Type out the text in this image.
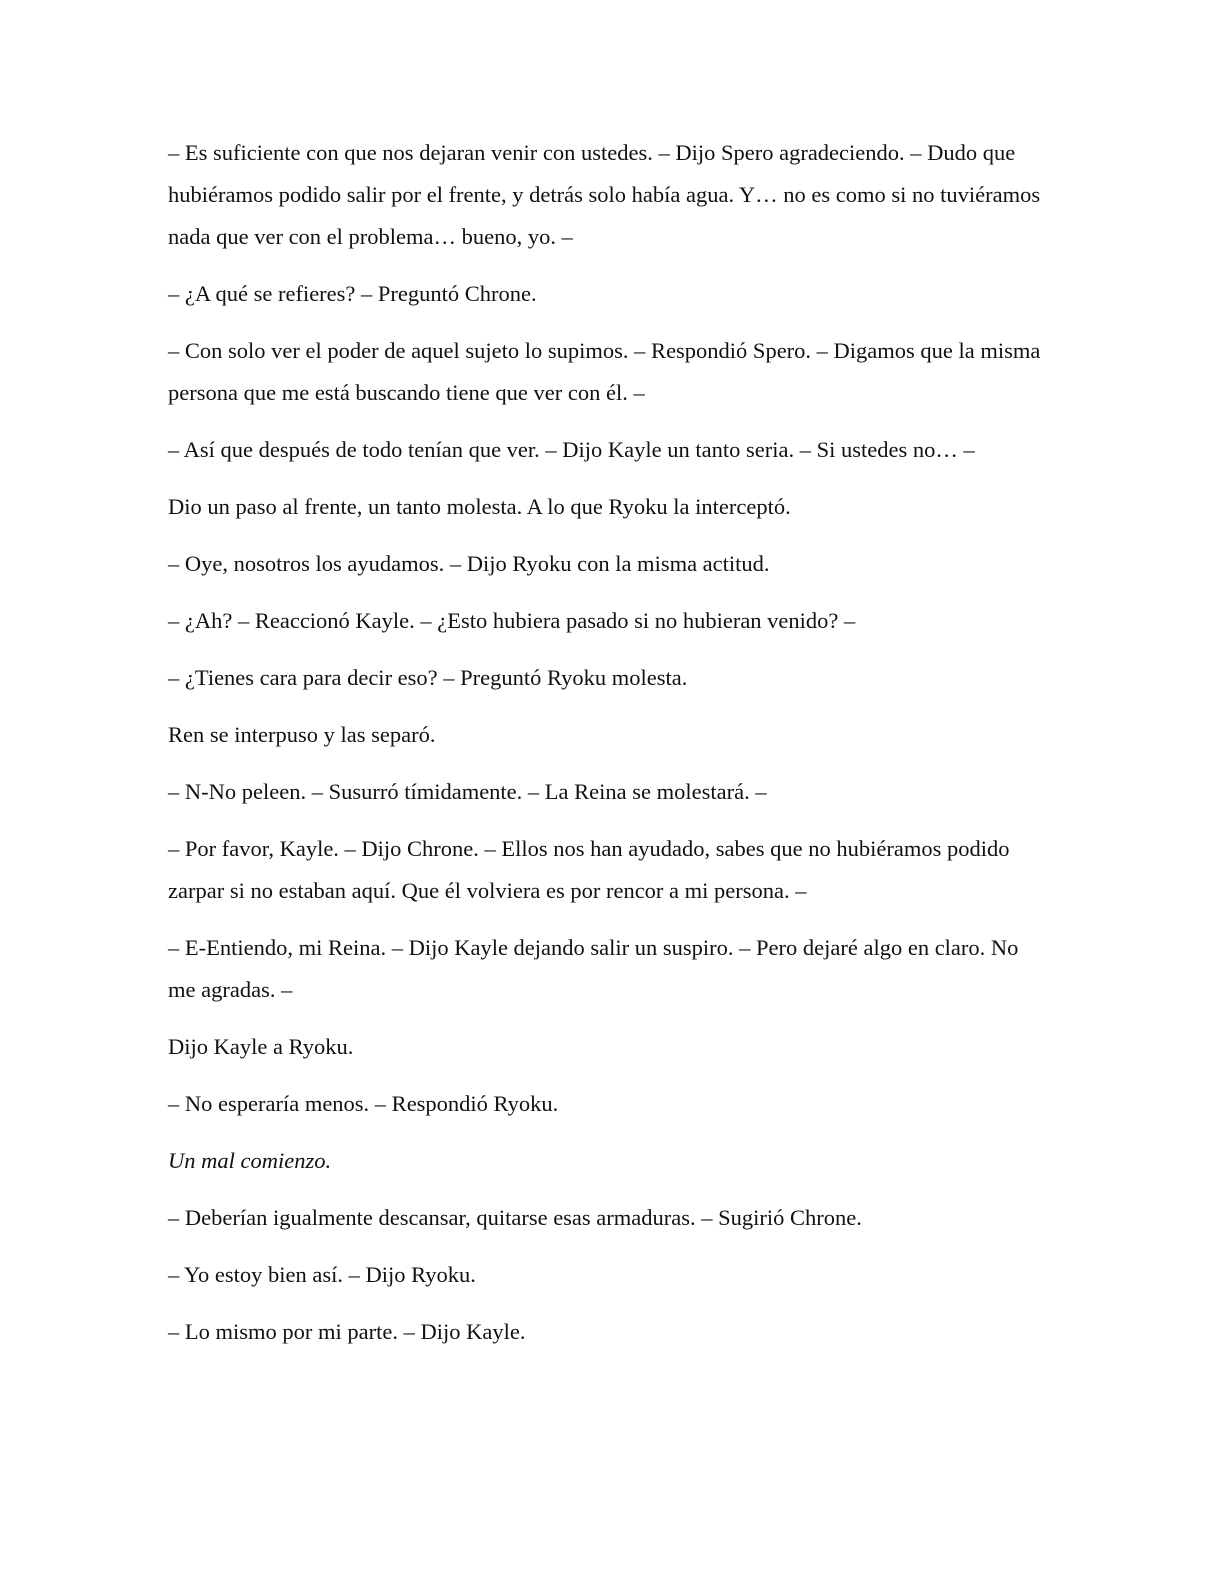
– Es suficiente con que nos dejaran venir con ustedes. – Dijo Spero agradeciendo. – Dudo que hubiéramos podido salir por el frente, y detrás solo había agua. Y… no es como si no tuviéramos nada que ver con el problema… bueno, yo. –

– ¿A qué se refieres? – Preguntó Chrone.

– Con solo ver el poder de aquel sujeto lo supimos. – Respondió Spero. – Digamos que la misma persona que me está buscando tiene que ver con él. –

– Así que después de todo tenían que ver. – Dijo Kayle un tanto seria. – Si ustedes no… –

Dio un paso al frente, un tanto molesta. A lo que Ryoku la interceptó.

– Oye, nosotros los ayudamos. – Dijo Ryoku con la misma actitud.

– ¿Ah? – Reaccionó Kayle. – ¿Esto hubiera pasado si no hubieran venido? –

– ¿Tienes cara para decir eso? – Preguntó Ryoku molesta.

Ren se interpuso y las separó.

– N-No peleen. – Susurró tímidamente. – La Reina se molestará. –

– Por favor, Kayle. – Dijo Chrone. – Ellos nos han ayudado, sabes que no hubiéramos podido zarpar si no estaban aquí. Que él volviera es por rencor a mi persona. –

– E-Entiendo, mi Reina. – Dijo Kayle dejando salir un suspiro. – Pero dejaré algo en claro. No me agradas. –

Dijo Kayle a Ryoku.

– No esperaría menos. – Respondió Ryoku.

Un mal comienzo.

– Deberían igualmente descansar, quitarse esas armaduras. – Sugirió Chrone.

– Yo estoy bien así. – Dijo Ryoku.

– Lo mismo por mi parte. – Dijo Kayle.
